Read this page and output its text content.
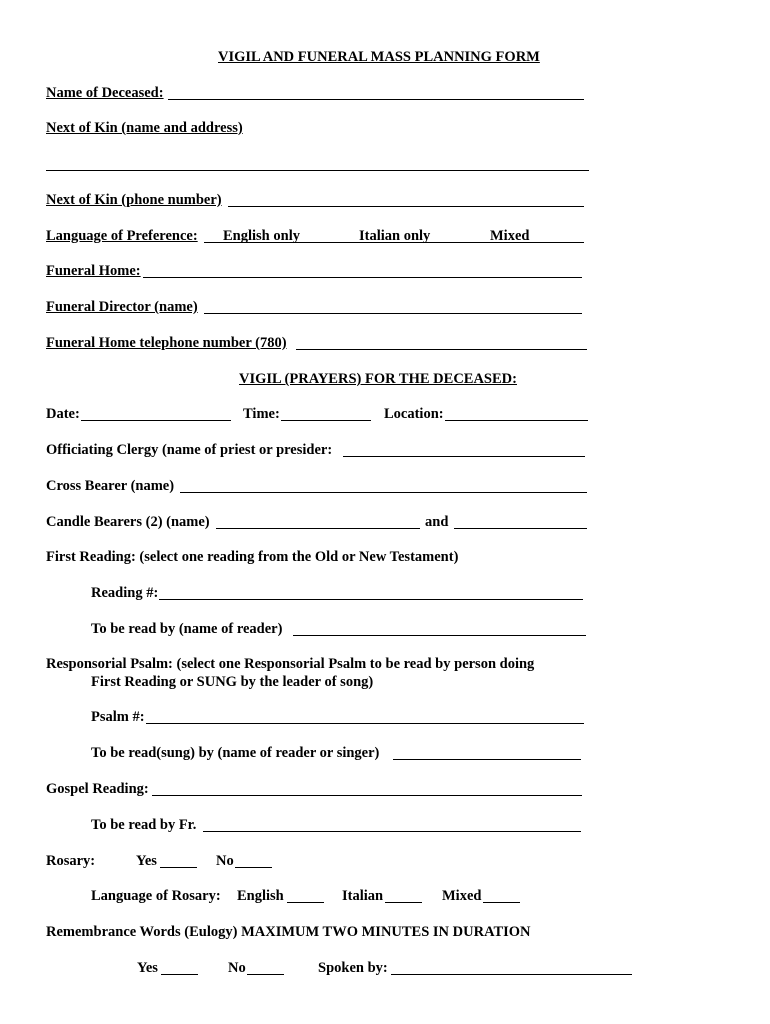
VIGIL AND FUNERAL MASS PLANNING FORM
Name of Deceased:
Next of Kin (name and address)
Next of Kin (phone number)
Language of Preference: English only	Italian only	Mixed
Funeral Home:
Funeral Director (name)
Funeral Home telephone number (780)
VIGIL (PRAYERS) FOR THE DECEASED:
Date:	Time:	Location:
Officiating Clergy (name of priest or presider:
Cross Bearer (name)
Candle Bearers (2) (name)	and
First Reading: (select one reading from the Old or New Testament)
Reading #:
To be read by (name of reader)
Responsorial Psalm: (select one Responsorial Psalm to be read by person doing
First Reading or SUNG by the leader of song)
Psalm #:
To be read(sung) by (name of reader or singer)
Gospel Reading:
To be read by Fr.
Rosary:	Yes	No
Language of Rosary: English	Italian	Mixed
Remembrance Words (Eulogy) MAXIMUM TWO MINUTES IN DURATION
Yes	No	Spoken by:
